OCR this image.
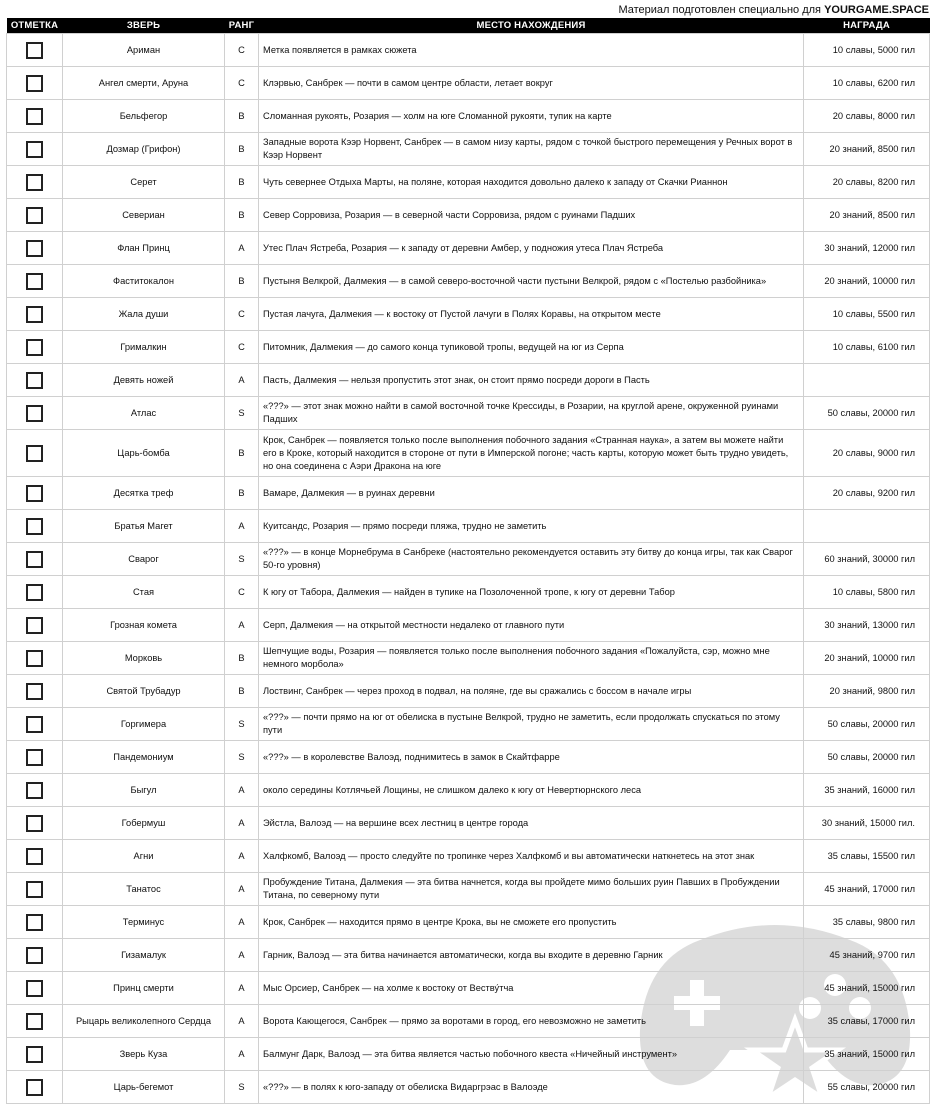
Материал подготовлен специально для YOURGAME.SPACE
ОТМЕТКА	ЗВЕРЬ	РАНГ	МЕСТО НАХОЖДЕНИЯ	НАГРАДА
	Ариман	C	Метка появляется в рамках сюжета	10 славы, 5000 гил
	Ангел смерти, Аруна	C	Клэрвью, Санбрек — почти в самом центре области, летает вокруг	10 славы, 6200 гил
	Бельфегор	B	Сломанная рукоять, Розария — холм на юге Сломанной рукояти, тупик на карте	20 славы, 8000 гил
	Дозмар (Грифон)	B	Западные ворота Кээр Норвент, Санбрек — в самом низу карты, рядом с точкой быстрого перемещения у Речных ворот в Кээр Норвент	20 знаний, 8500 гил
	Серет	B	Чуть севернее Отдыха Марты, на поляне, которая находится довольно далеко к западу от Скачки Рианнон	20 славы, 8200 гил
	Севериан	B	Север Сорровиза, Розария — в северной части Сорровиза, рядом с руинами Падших	20 знаний, 8500 гил
	Флан Принц	A	Утес Плач Ястреба, Розария — к западу от деревни Амбер, у подножия утеса Плач Ястреба	30 знаний, 12000 гил
	Фаститокалон	B	Пустыня Велкрой, Далмекия — в самой северо-восточной части пустыни Велкрой, рядом с «Постелью разбойника»	20 знаний, 10000 гил
	Жала души	C	Пустая лачуга, Далмекия — к востоку от Пустой лачуги в Полях Коравы, на открытом месте	10 славы, 5500 гил
	Грималкин	C	Питомник, Далмекия — до самого конца тупиковой тропы, ведущей на юг из Серпа	10 славы, 6100 гил
	Девять ножей	A	Пасть, Далмекия — нельзя пропустить этот знак, он стоит прямо посреди дороги в Пасть	
	Атлас	S	«???» — этот знак можно найти в самой восточной точке Крессиды, в Розарии, на круглой арене, окруженной руинами Падших	50 славы, 20000 гил
	Царь-бомба	B	Крок, Санбрек — появляется только после выполнения побочного задания «Странная наука», а затем вы можете найти его в Кроке, который находится в стороне от пути в Имперской погоне; часть карты, которую может быть трудно увидеть, но она соединена с Аэри Дракона на юге	20 славы, 9000 гил
	Десятка треф	B	Вамаре, Далмекия — в руинах деревни	20 славы, 9200 гил
	Братья Магет	A	Куитсандс, Розария — прямо посреди пляжа, трудно не заметить	
	Сварог	S	«???» — в конце Морнебрума в Санбреке (настоятельно рекомендуется оставить эту битву до конца игры, так как Сварог 50-го уровня)	60 знаний, 30000 гил
	Стая	C	К югу от Табора, Далмекия — найден в тупике на Позолоченной тропе, к югу от деревни Табор	10 славы, 5800 гил
	Грозная комета	A	Серп, Далмекия — на открытой местности недалеко от главного пути	30 знаний, 13000 гил
	Морковь	B	Шепчущие воды, Розария — появляется только после выполнения побочного задания «Пожалуйста, сэр, можно мне немного морбола»	20 знаний, 10000 гил
	Святой Трубадур	B	Лоствинг, Санбрек — через проход в подвал, на поляне, где вы сражались с боссом в начале игры	20 знаний, 9800 гил
	Горгимера	S	«???» — почти прямо на юг от обелиска в пустыне Велкрой, трудно не заметить, если продолжать спускаться по этому пути	50 славы, 20000 гил
	Пандемониум	S	«???» — в королевстве Валоэд, поднимитесь в замок в Скайтфарре	50 славы, 20000 гил
	Быгул	A	около середины Котлячьей Лощины, не слишком далеко к югу от Невертюрнского леса	35 знаний, 16000 гил
	Гобермуш	A	Эйстла, Валоэд — на вершине всех лестниц в центре города	30 знаний, 15000 гил.
	Агни	A	Халфкомб, Валоэд — просто следуйте по тропинке через Халфкомб и вы автоматически наткнетесь на этот знак	35 славы, 15500 гил
	Танатос	A	Пробуждение Титана, Далмекия — эта битва начнется, когда вы пройдете мимо больших руин Павших в Пробуждении Титана, по северному пути	45 знаний, 17000 гил
	Терминус	A	Крок, Санбрек — находится прямо в центре Крока, вы не сможете его пропустить	35 славы, 9800 гил
	Гизамалук	A	Гарник, Валоэд — эта битва начинается автоматически, когда вы входите в деревню Гарник	45 знаний, 9700 гил
	Принц смерти	A	Мыс Орсиер, Санбрек — на холме к востоку от Веству́тча	45 знаний, 15000 гил
	Рыцарь великолепного Сердца	A	Ворота Кающегося, Санбрек — прямо за воротами в город, его невозможно не заметить	35 славы, 17000 гил
	Зверь Куза	A	Балмунг Дарк, Валоэд — эта битва является частью побочного квеста «Ничейный инструмент»	35 знаний, 15000 гил
	Царь-бегемот	S	«???» — в полях к юго-западу от обелиска Видаргрэас в Валоэде	55 славы, 20000 гил
